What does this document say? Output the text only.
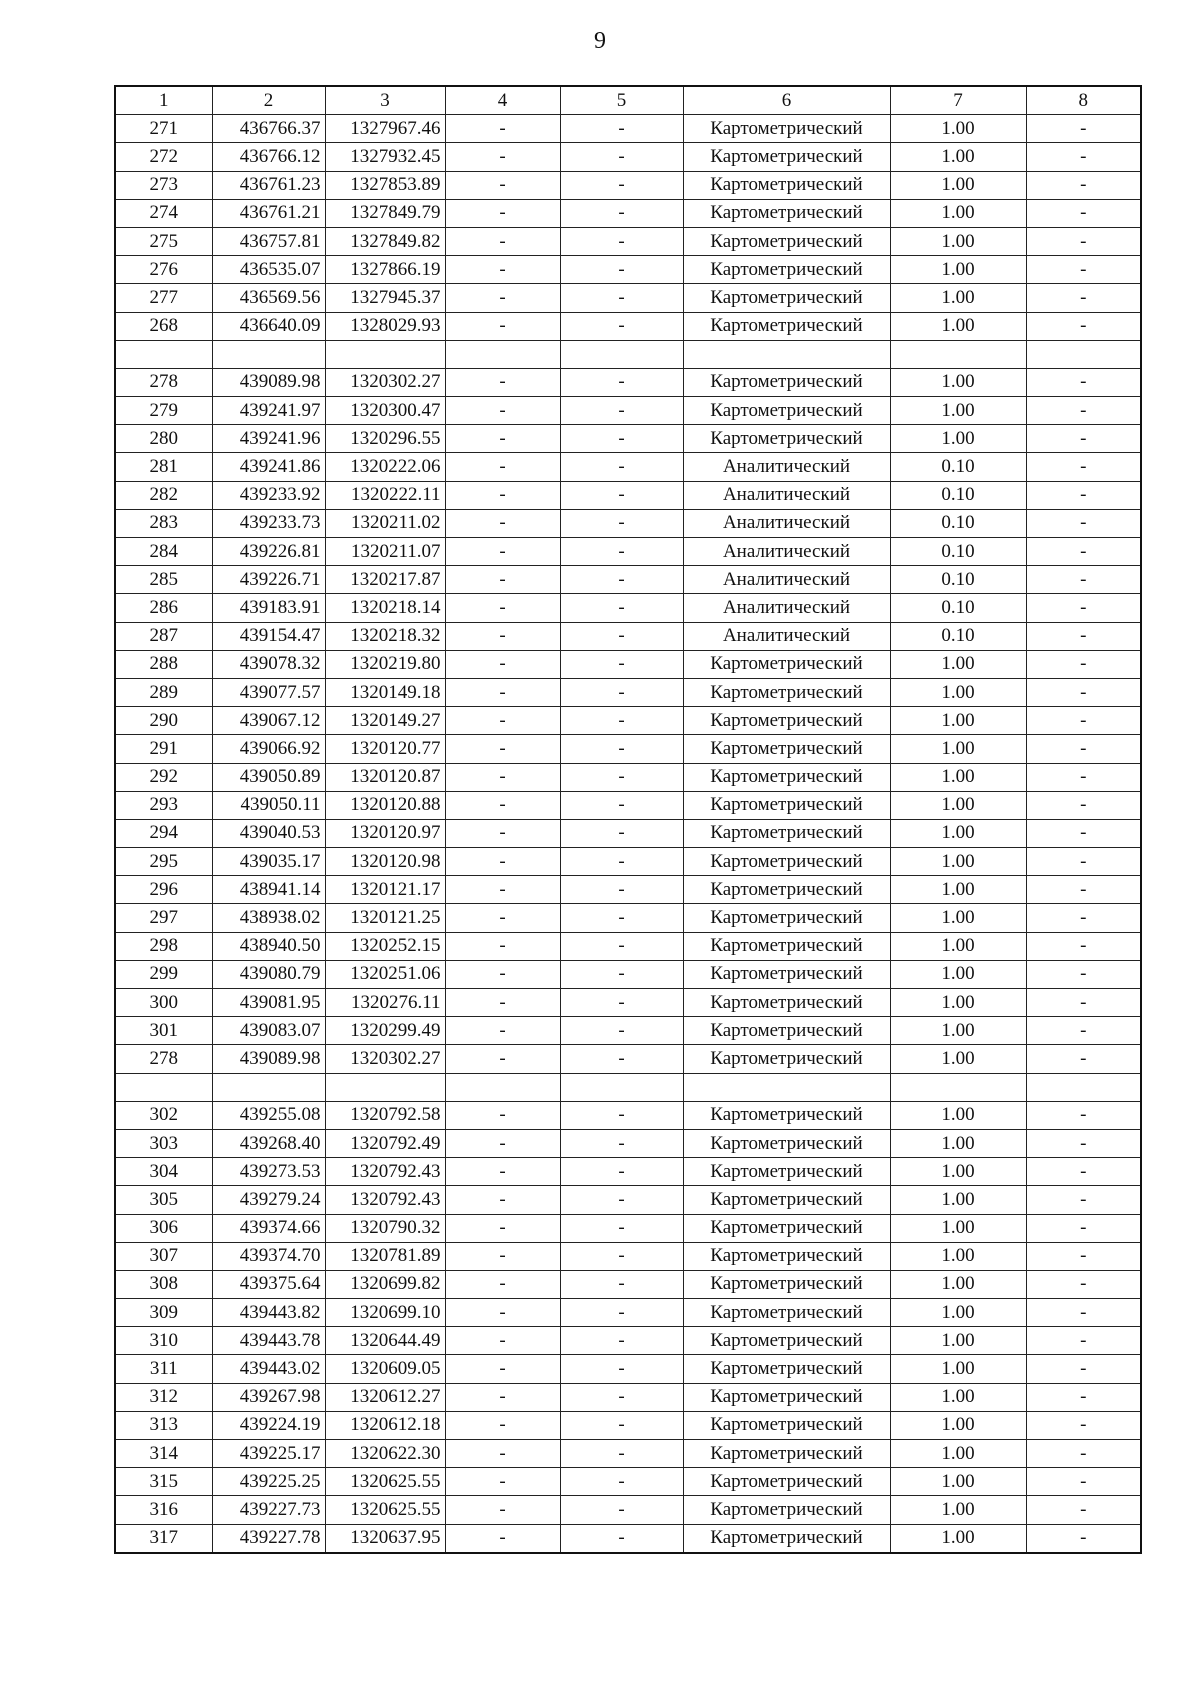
9
1	2	3	4	5	6	7	8
271	436766.37	1327967.46	-	-	Картометрический	1.00	-
272	436766.12	1327932.45	-	-	Картометрический	1.00	-
273	436761.23	1327853.89	-	-	Картометрический	1.00	-
274	436761.21	1327849.79	-	-	Картометрический	1.00	-
275	436757.81	1327849.82	-	-	Картометрический	1.00	-
276	436535.07	1327866.19	-	-	Картометрический	1.00	-
277	436569.56	1327945.37	-	-	Картометрический	1.00	-
268	436640.09	1328029.93	-	-	Картометрический	1.00	-

278	439089.98	1320302.27	-	-	Картометрический	1.00	-
279	439241.97	1320300.47	-	-	Картометрический	1.00	-
280	439241.96	1320296.55	-	-	Картометрический	1.00	-
281	439241.86	1320222.06	-	-	Аналитический	0.10	-
282	439233.92	1320222.11	-	-	Аналитический	0.10	-
283	439233.73	1320211.02	-	-	Аналитический	0.10	-
284	439226.81	1320211.07	-	-	Аналитический	0.10	-
285	439226.71	1320217.87	-	-	Аналитический	0.10	-
286	439183.91	1320218.14	-	-	Аналитический	0.10	-
287	439154.47	1320218.32	-	-	Аналитический	0.10	-
288	439078.32	1320219.80	-	-	Картометрический	1.00	-
289	439077.57	1320149.18	-	-	Картометрический	1.00	-
290	439067.12	1320149.27	-	-	Картометрический	1.00	-
291	439066.92	1320120.77	-	-	Картометрический	1.00	-
292	439050.89	1320120.87	-	-	Картометрический	1.00	-
293	439050.11	1320120.88	-	-	Картометрический	1.00	-
294	439040.53	1320120.97	-	-	Картометрический	1.00	-
295	439035.17	1320120.98	-	-	Картометрический	1.00	-
296	438941.14	1320121.17	-	-	Картометрический	1.00	-
297	438938.02	1320121.25	-	-	Картометрический	1.00	-
298	438940.50	1320252.15	-	-	Картометрический	1.00	-
299	439080.79	1320251.06	-	-	Картометрический	1.00	-
300	439081.95	1320276.11	-	-	Картометрический	1.00	-
301	439083.07	1320299.49	-	-	Картометрический	1.00	-
278	439089.98	1320302.27	-	-	Картометрический	1.00	-

302	439255.08	1320792.58	-	-	Картометрический	1.00	-
303	439268.40	1320792.49	-	-	Картометрический	1.00	-
304	439273.53	1320792.43	-	-	Картометрический	1.00	-
305	439279.24	1320792.43	-	-	Картометрический	1.00	-
306	439374.66	1320790.32	-	-	Картометрический	1.00	-
307	439374.70	1320781.89	-	-	Картометрический	1.00	-
308	439375.64	1320699.82	-	-	Картометрический	1.00	-
309	439443.82	1320699.10	-	-	Картометрический	1.00	-
310	439443.78	1320644.49	-	-	Картометрический	1.00	-
311	439443.02	1320609.05	-	-	Картометрический	1.00	-
312	439267.98	1320612.27	-	-	Картометрический	1.00	-
313	439224.19	1320612.18	-	-	Картометрический	1.00	-
314	439225.17	1320622.30	-	-	Картометрический	1.00	-
315	439225.25	1320625.55	-	-	Картометрический	1.00	-
316	439227.73	1320625.55	-	-	Картометрический	1.00	-
317	439227.78	1320637.95	-	-	Картометрический	1.00	-
